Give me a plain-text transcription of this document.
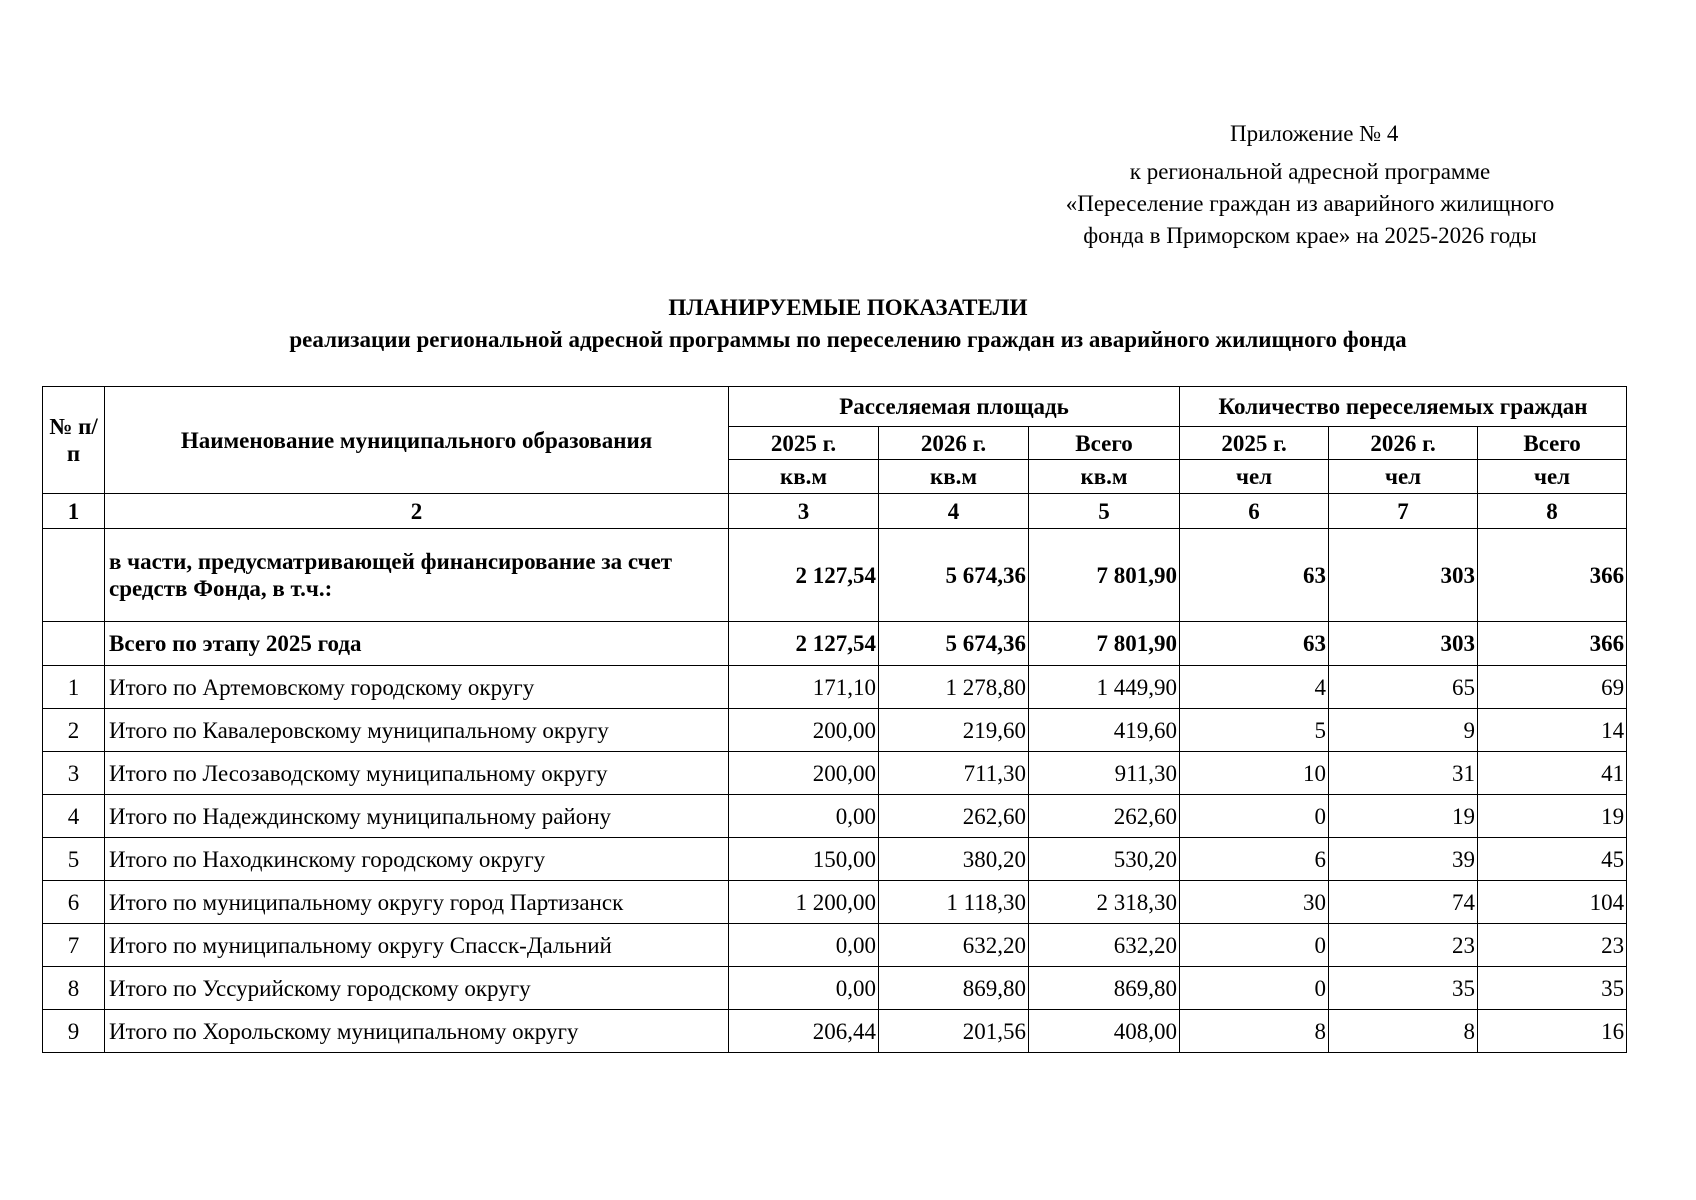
Приложение № 4
к региональной адресной программе
«Переселение граждан из аварийного жилищного
фонда в Приморском крае» на 2025-2026 годы
ПЛАНИРУЕМЫЕ ПОКАЗАТЕЛИ
реализации региональной адресной программы по переселению граждан из аварийного жилищного фонда
№ п/п	Наименование муниципального образования	Расселяемая площадь			Количество переселяемых граждан		
		2025 г.	2026 г.	Всего	2025 г.	2026 г.	Всего
		кв.м	кв.м	кв.м	чел	чел	чел
1	2	3	4	5	6	7	8
	в части, предусматривающей финансирование за счет средств Фонда, в т.ч.:	2 127,54	5 674,36	7 801,90	63	303	366
	Всего по этапу 2025 года	2 127,54	5 674,36	7 801,90	63	303	366
1	Итого по Артемовскому городскому округу	171,10	1 278,80	1 449,90	4	65	69
2	Итого по Кавалеровскому муниципальному округу	200,00	219,60	419,60	5	9	14
3	Итого по Лесозаводскому муниципальному округу	200,00	711,30	911,30	10	31	41
4	Итого по Надеждинскому муниципальному району	0,00	262,60	262,60	0	19	19
5	Итого по Находкинскому городскому округу	150,00	380,20	530,20	6	39	45
6	Итого по муниципальному округу город Партизанск	1 200,00	1 118,30	2 318,30	30	74	104
7	Итого по муниципальному округу Спасск-Дальний	0,00	632,20	632,20	0	23	23
8	Итого по Уссурийскому городскому округу	0,00	869,80	869,80	0	35	35
9	Итого по Хорольскому муниципальному округу	206,44	201,56	408,00	8	8	16
